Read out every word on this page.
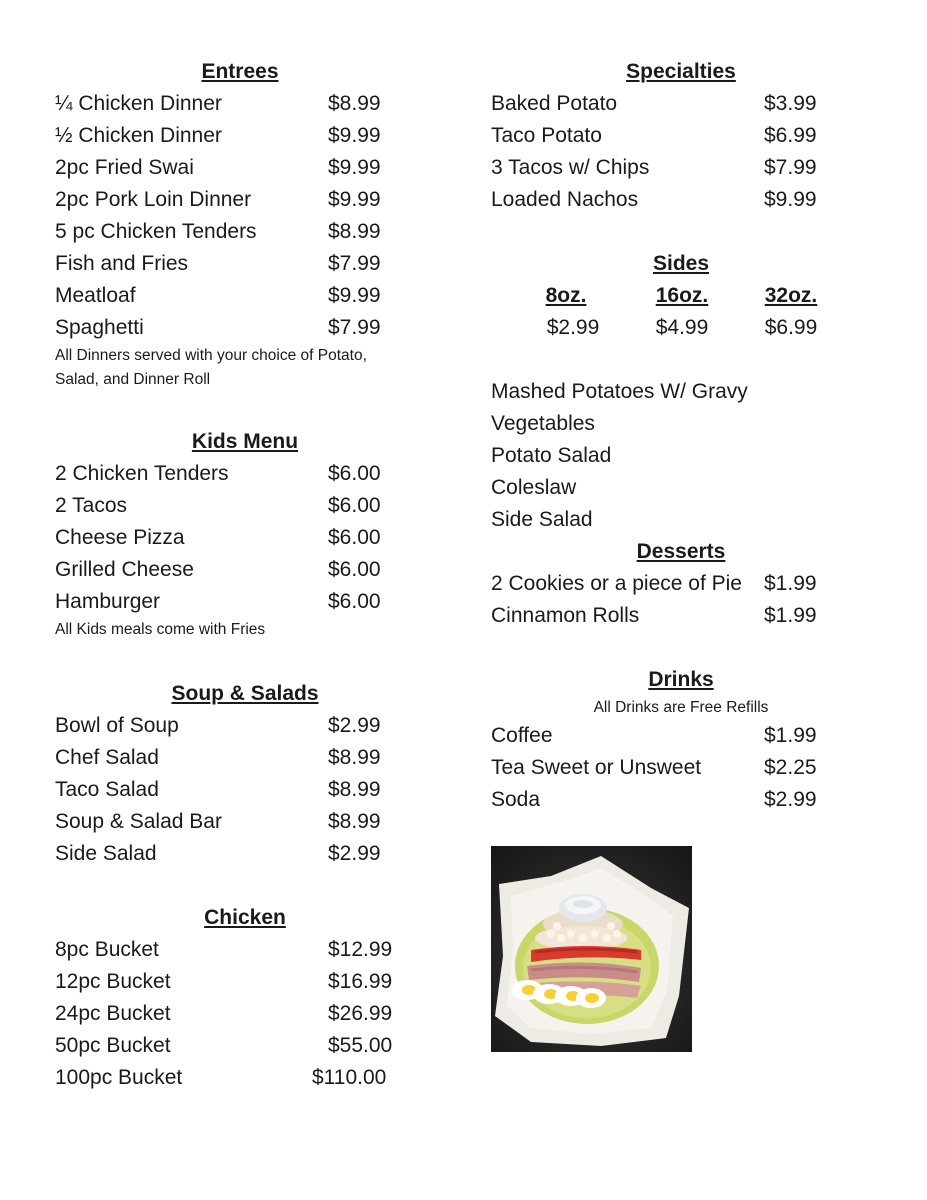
Entrees
¼ Chicken Dinner	$8.99
½ Chicken Dinner	$9.99
2pc Fried Swai	$9.99
2pc Pork Loin Dinner	$9.99
5 pc Chicken Tenders	$8.99
Fish and Fries	$7.99
Meatloaf	$9.99
Spaghetti	$7.99
All Dinners served with your choice of Potato,
Salad, and Dinner Roll
Kids Menu
2 Chicken Tenders	$6.00
2 Tacos	$6.00
Cheese Pizza	$6.00
Grilled Cheese	$6.00
Hamburger	$6.00
All Kids meals come with Fries
Soup & Salads
Bowl of Soup	$2.99
Chef Salad	$8.99
Taco Salad	$8.99
Soup & Salad Bar	$8.99
Side Salad	$2.99
Chicken
8pc Bucket	$12.99
12pc Bucket	$16.99
24pc Bucket	$26.99
50pc Bucket	$55.00
100pc Bucket	$110.00
Specialties
Baked Potato	$3.99
Taco Potato	$6.99
3 Tacos w/ Chips	$7.99
Loaded Nachos	$9.99
Sides
8oz.	16oz.	32oz.
$2.99	$4.99	$6.99
Mashed Potatoes W/ Gravy
Vegetables
Potato Salad
Coleslaw
Side Salad
Desserts
2 Cookies or a piece of Pie $1.99
Cinnamon Rolls	$1.99
Drinks
All Drinks are Free Refills
Coffee	$1.99
Tea Sweet or Unsweet	$2.25
Soda	$2.99
